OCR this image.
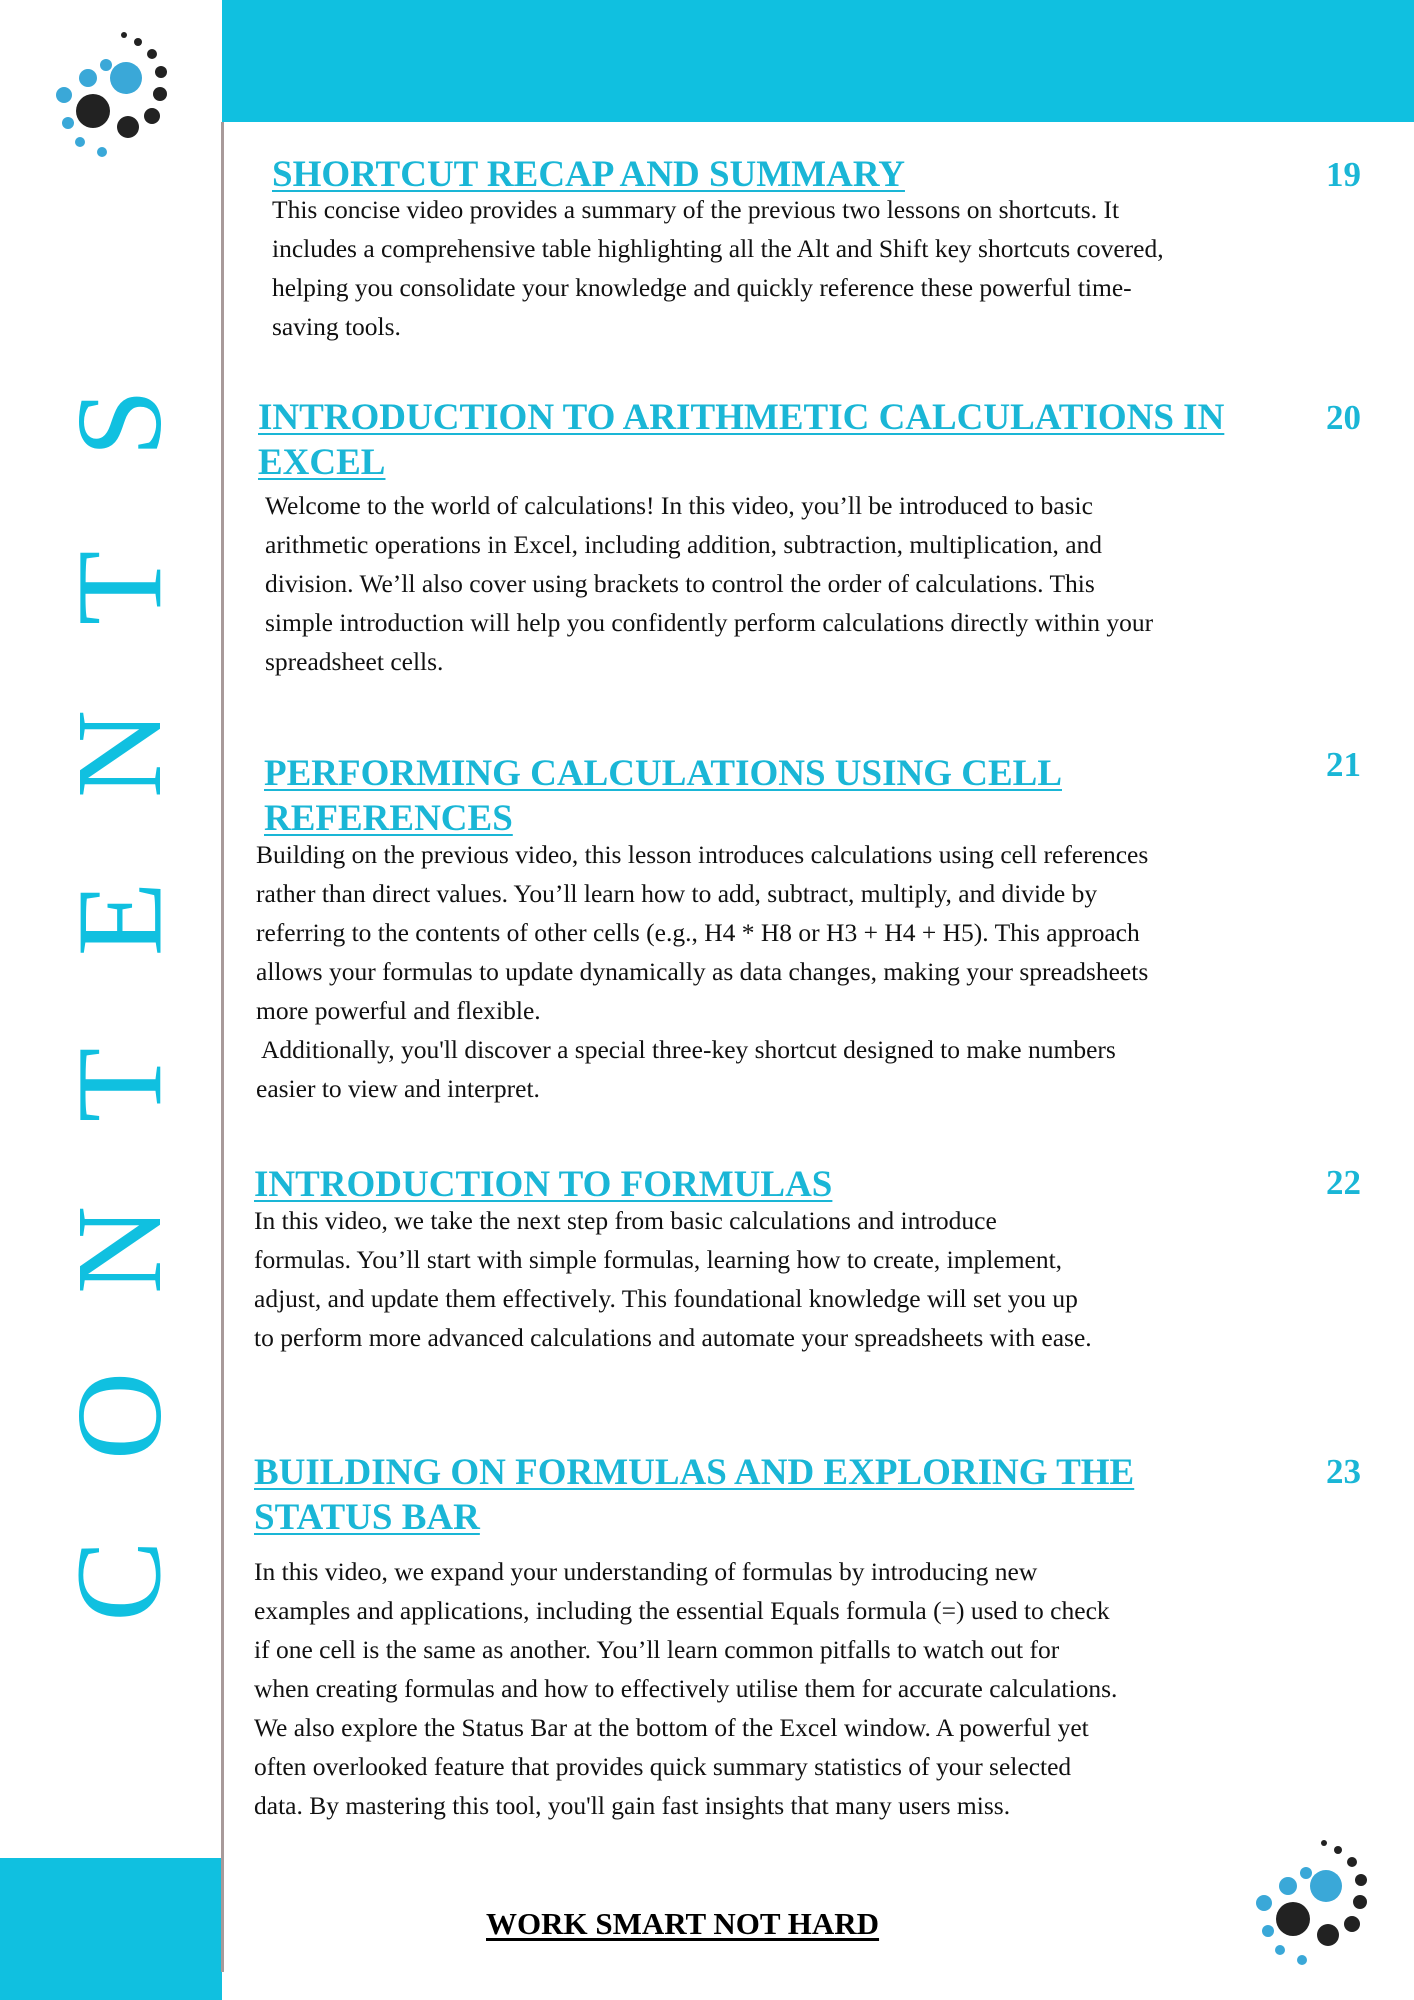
S
T
N
E
T
N
O
C
SHORTCUT RECAP AND SUMMARY

This concise video provides a summary of the previous two lessons on shortcuts. It
includes a comprehensive table highlighting all the Alt and Shift key shortcuts covered,
helping you consolidate your knowledge and quickly reference these powerful time-
saving tools.

19
INTRODUCTION TO ARITHMETIC CALCULATIONS IN EXCEL

Welcome to the world of calculations! In this video, you’ll be introduced to basic
arithmetic operations in Excel, including addition, subtraction, multiplication, and
division. We’ll also cover using brackets to control the order of calculations. This
simple introduction will help you confidently perform calculations directly within your
spreadsheet cells.

20
PERFORMING CALCULATIONS USING CELL REFERENCES

Building on the previous video, this lesson introduces calculations using cell references
rather than direct values. You’ll learn how to add, subtract, multiply, and divide by
referring to the contents of other cells (e.g., H4 * H8 or H3 + H4 + H5). This approach
allows your formulas to update dynamically as data changes, making your spreadsheets
more powerful and flexible.
Additionally, you'll discover a special three-key shortcut designed to make numbers
easier to view and interpret.

21
INTRODUCTION TO FORMULAS

In this video, we take the next step from basic calculations and introduce
formulas. You’ll start with simple formulas, learning how to create, implement,
adjust, and update them effectively. This foundational knowledge will set you up
to perform more advanced calculations and automate your spreadsheets with ease.

22
BUILDING ON FORMULAS AND EXPLORING THE STATUS BAR

In this video, we expand your understanding of formulas by introducing new
examples and applications, including the essential Equals formula (=) used to check
if one cell is the same as another. You’ll learn common pitfalls to watch out for
when creating formulas and how to effectively utilise them for accurate calculations.
We also explore the Status Bar at the bottom of the Excel window. A powerful yet
often overlooked feature that provides quick summary statistics of your selected
data. By mastering this tool, you'll gain fast insights that many users miss.

23
WORK SMART NOT HARD
